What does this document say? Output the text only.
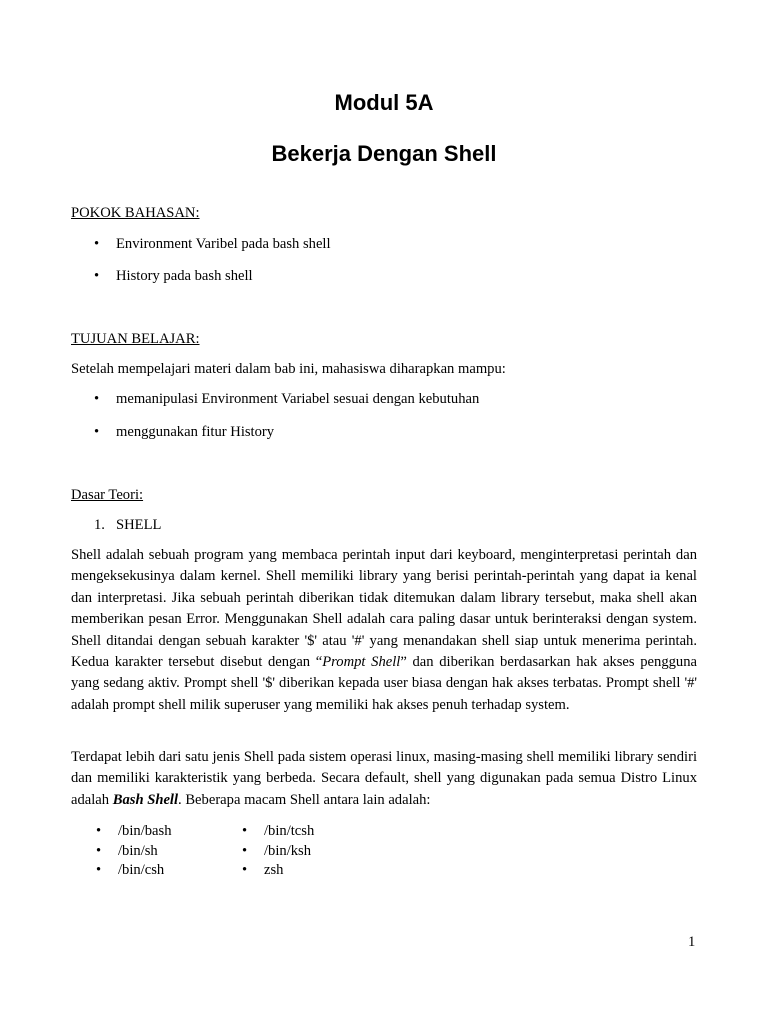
Modul 5A
Bekerja Dengan Shell
POKOK BAHASAN:
• Environment Varibel pada bash shell
• History pada bash shell
TUJUAN BELAJAR:
Setelah mempelajari materi dalam bab ini, mahasiswa diharapkan mampu:
• memanipulasi Environment Variabel sesuai dengan kebutuhan
• menggunakan fitur History
Dasar Teori:
1. SHELL
Shell adalah sebuah program yang membaca perintah input dari keyboard, menginterpretasi perintah dan mengeksekusinya dalam kernel. Shell memiliki library yang berisi perintah-perintah yang dapat ia kenal dan interpretasi. Jika sebuah perintah diberikan tidak ditemukan dalam library tersebut, maka shell akan memberikan pesan Error. Menggunakan Shell adalah cara paling dasar untuk berinteraksi dengan system. Shell ditandai dengan sebuah karakter '$' atau '#' yang menandakan shell siap untuk menerima perintah. Kedua karakter tersebut disebut dengan “Prompt Shell” dan diberikan berdasarkan hak akses pengguna yang sedang aktiv. Prompt shell '$' diberikan kepada user biasa dengan hak akses terbatas. Prompt shell '#' adalah prompt shell milik superuser yang memiliki hak akses penuh terhadap system.
Terdapat lebih dari satu jenis Shell pada sistem operasi linux, masing-masing shell memiliki library sendiri dan memiliki karakteristik yang berbeda. Secara default, shell yang digunakan pada semua Distro Linux adalah Bash Shell. Beberapa macam Shell antara lain adalah:
• /bin/bash
• /bin/sh
• /bin/csh
• /bin/tcsh
• /bin/ksh
• zsh
1
